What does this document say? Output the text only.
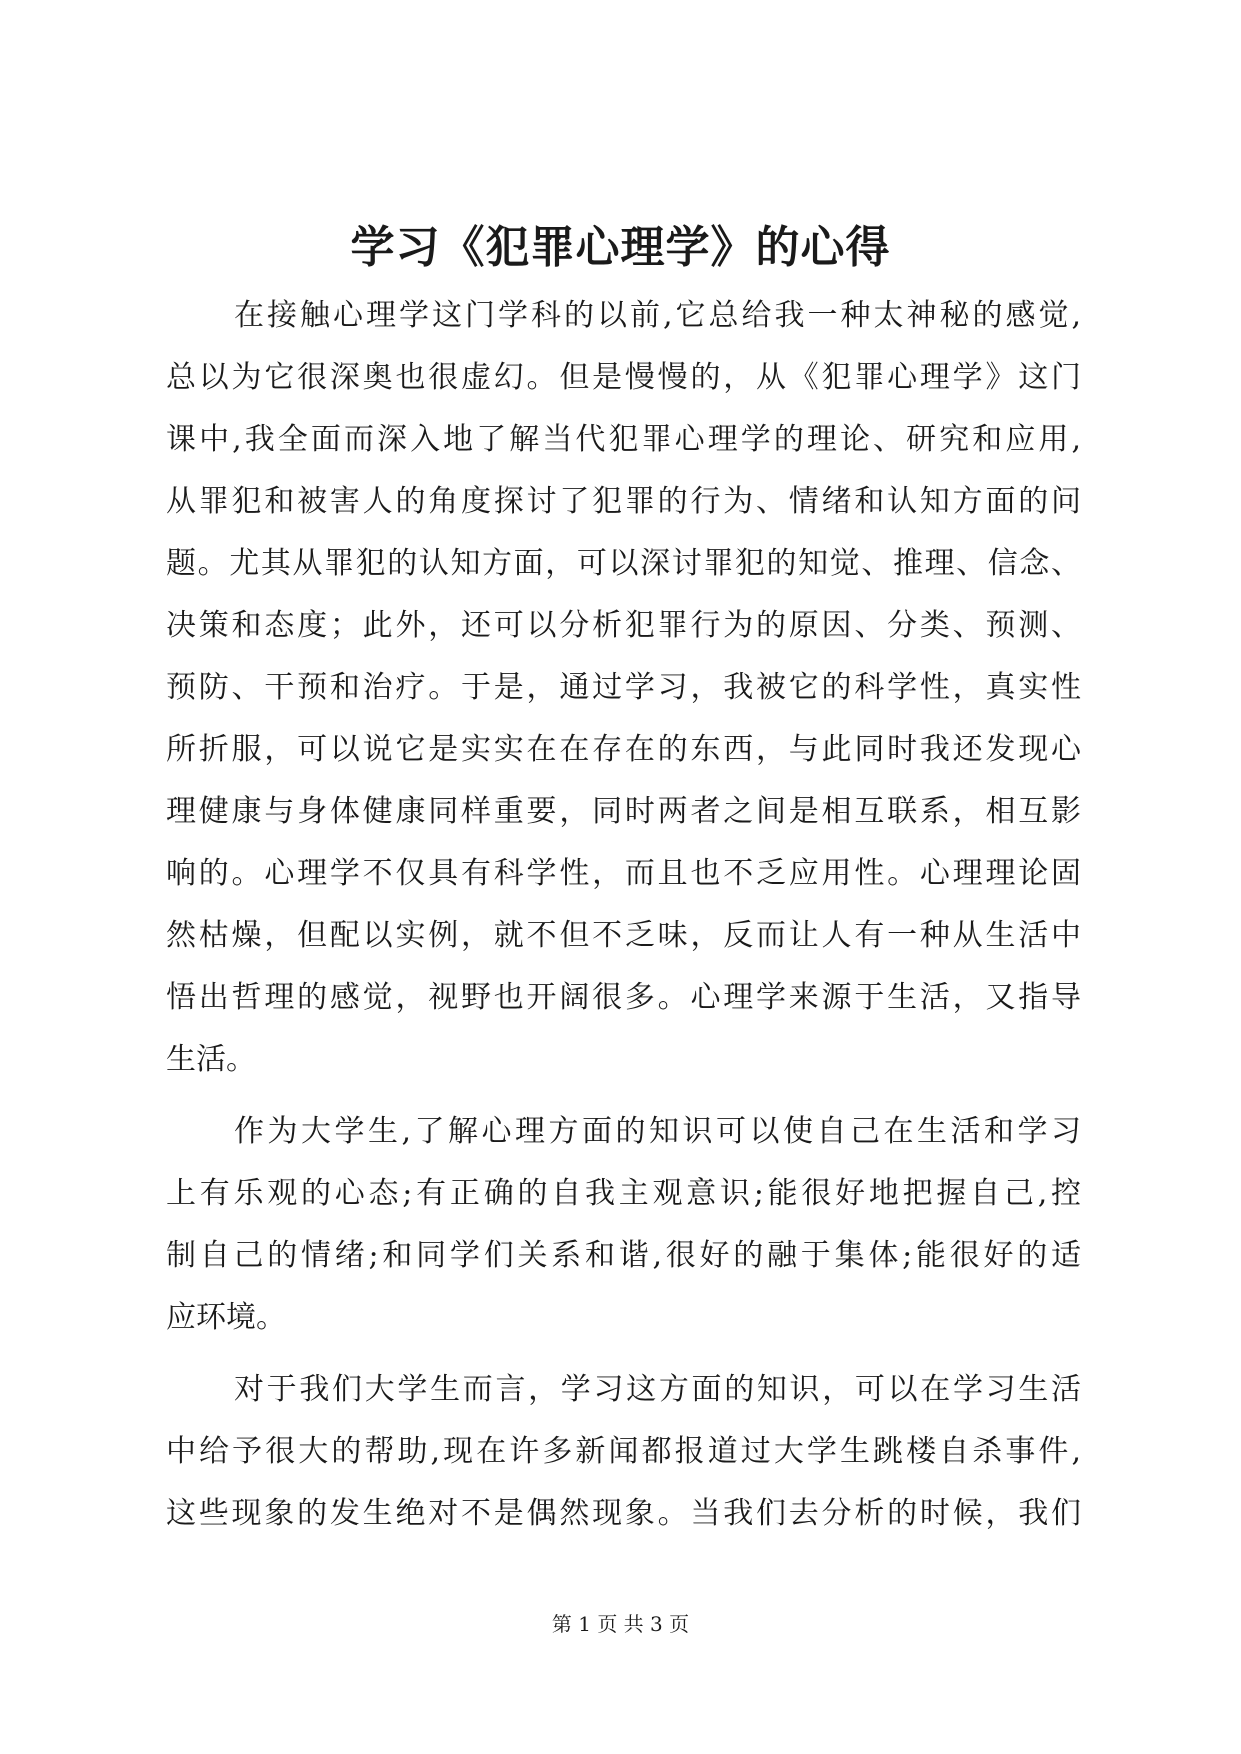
学习《犯罪心理学》的心得
在接触心理学这门学科的以前,它总给我一种太神秘的感觉,
总以为它很深奥也很虚幻。但是慢慢的，从《犯罪心理学》这门
课中,我全面而深入地了解当代犯罪心理学的理论、研究和应用,
从罪犯和被害人的角度探讨了犯罪的行为、情绪和认知方面的问
题。尤其从罪犯的认知方面，可以深讨罪犯的知觉、推理、信念、
决策和态度；此外，还可以分析犯罪行为的原因、分类、预测、
预防、干预和治疗。于是，通过学习，我被它的科学性，真实性
所折服，可以说它是实实在在存在的东西，与此同时我还发现心
理健康与身体健康同样重要，同时两者之间是相互联系，相互影
响的。心理学不仅具有科学性，而且也不乏应用性。心理理论固
然枯燥，但配以实例，就不但不乏味，反而让人有一种从生活中
悟出哲理的感觉，视野也开阔很多。心理学来源于生活，又指导
生活。
作为大学生,了解心理方面的知识可以使自己在生活和学习
上有乐观的心态;有正确的自我主观意识;能很好地把握自己,控
制自己的情绪;和同学们关系和谐,很好的融于集体;能很好的适
应环境。
对于我们大学生而言，学习这方面的知识，可以在学习生活
中给予很大的帮助,现在许多新闻都报道过大学生跳楼自杀事件,
这些现象的发生绝对不是偶然现象。当我们去分析的时候，我们
第 1 页 共 3 页
